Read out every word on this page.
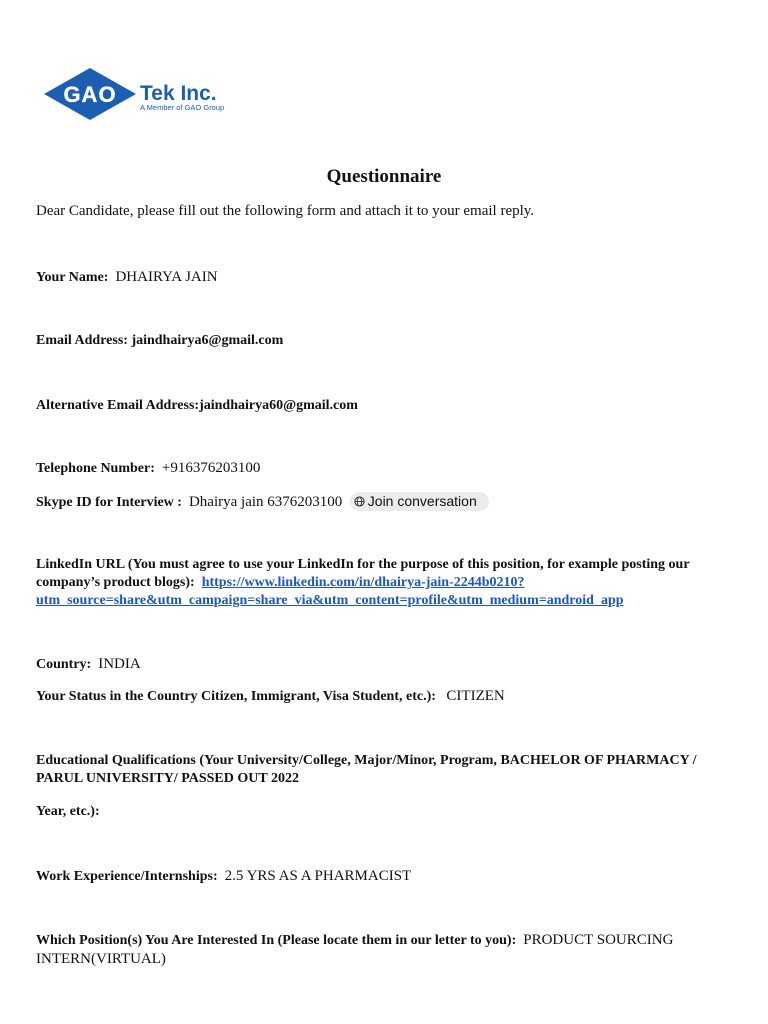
GAO Tek Inc.
A Member of GAO Group
Questionnaire
Dear Candidate, please fill out the following form and attach it to your email reply.
Your Name: DHAIRYA JAIN
Email Address: jaindhairya6@gmail.com
Alternative Email Address:jaindhairya60@gmail.com
Telephone Number: +916376203100
Skype ID for Interview : Dhairya jain 6376203100 Join conversation
LinkedIn URL (You must agree to use your LinkedIn for the purpose of this position, for example posting our company’s product blogs): https://www.linkedin.com/in/dhairya-jain-2244b0210?
utm_source=share&utm_campaign=share_via&utm_content=profile&utm_medium=android_app
Country: INDIA
Your Status in the Country Citizen, Immigrant, Visa Student, etc.): CITIZEN
Educational Qualifications (Your University/College, Major/Minor, Program, BACHELOR OF PHARMACY / PARUL UNIVERSITY/ PASSED OUT 2022
Year, etc.):
Work Experience/Internships: 2.5 YRS AS A PHARMACIST
Which Position(s) You Are Interested In (Please locate them in our letter to you): PRODUCT SOURCING INTERN(VIRTUAL)
